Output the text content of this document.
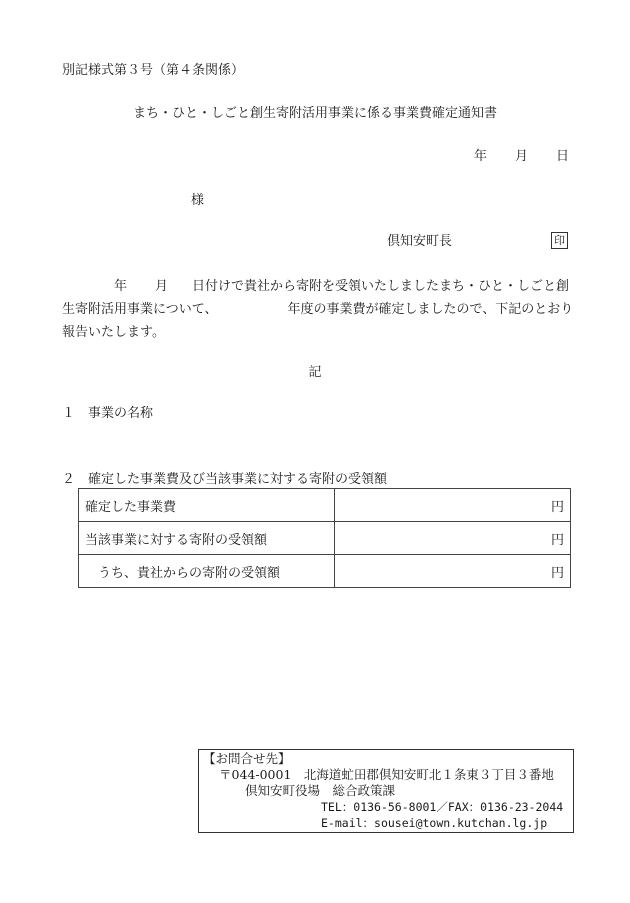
別記様式第３号（第４条関係）
まち・ひと・しごと創生寄附活用事業に係る事業費確定通知書
年 月 日
様
倶知安町長	印
年 月 日付けで貴社から寄附を受領いたしましたまち・ひと・しごと創
生寄附活用事業について、	年度の事業費が確定しましたので、下記のとおり
報告いたします。
記
１　事業の名称
２　確定した事業費及び当該事業に対する寄附の受領額
確定した事業費	円
当該事業に対する寄附の受領額	円
　うち、貴社からの寄附の受領額	円
【お問合せ先】
〒044-0001　北海道虻田郡倶知安町北１条東３丁目３番地
倶知安町役場　総合政策課
TEL：0136-56-8001／FAX：0136-23-2044
E-mail：sousei@town.kutchan.lg.jp
